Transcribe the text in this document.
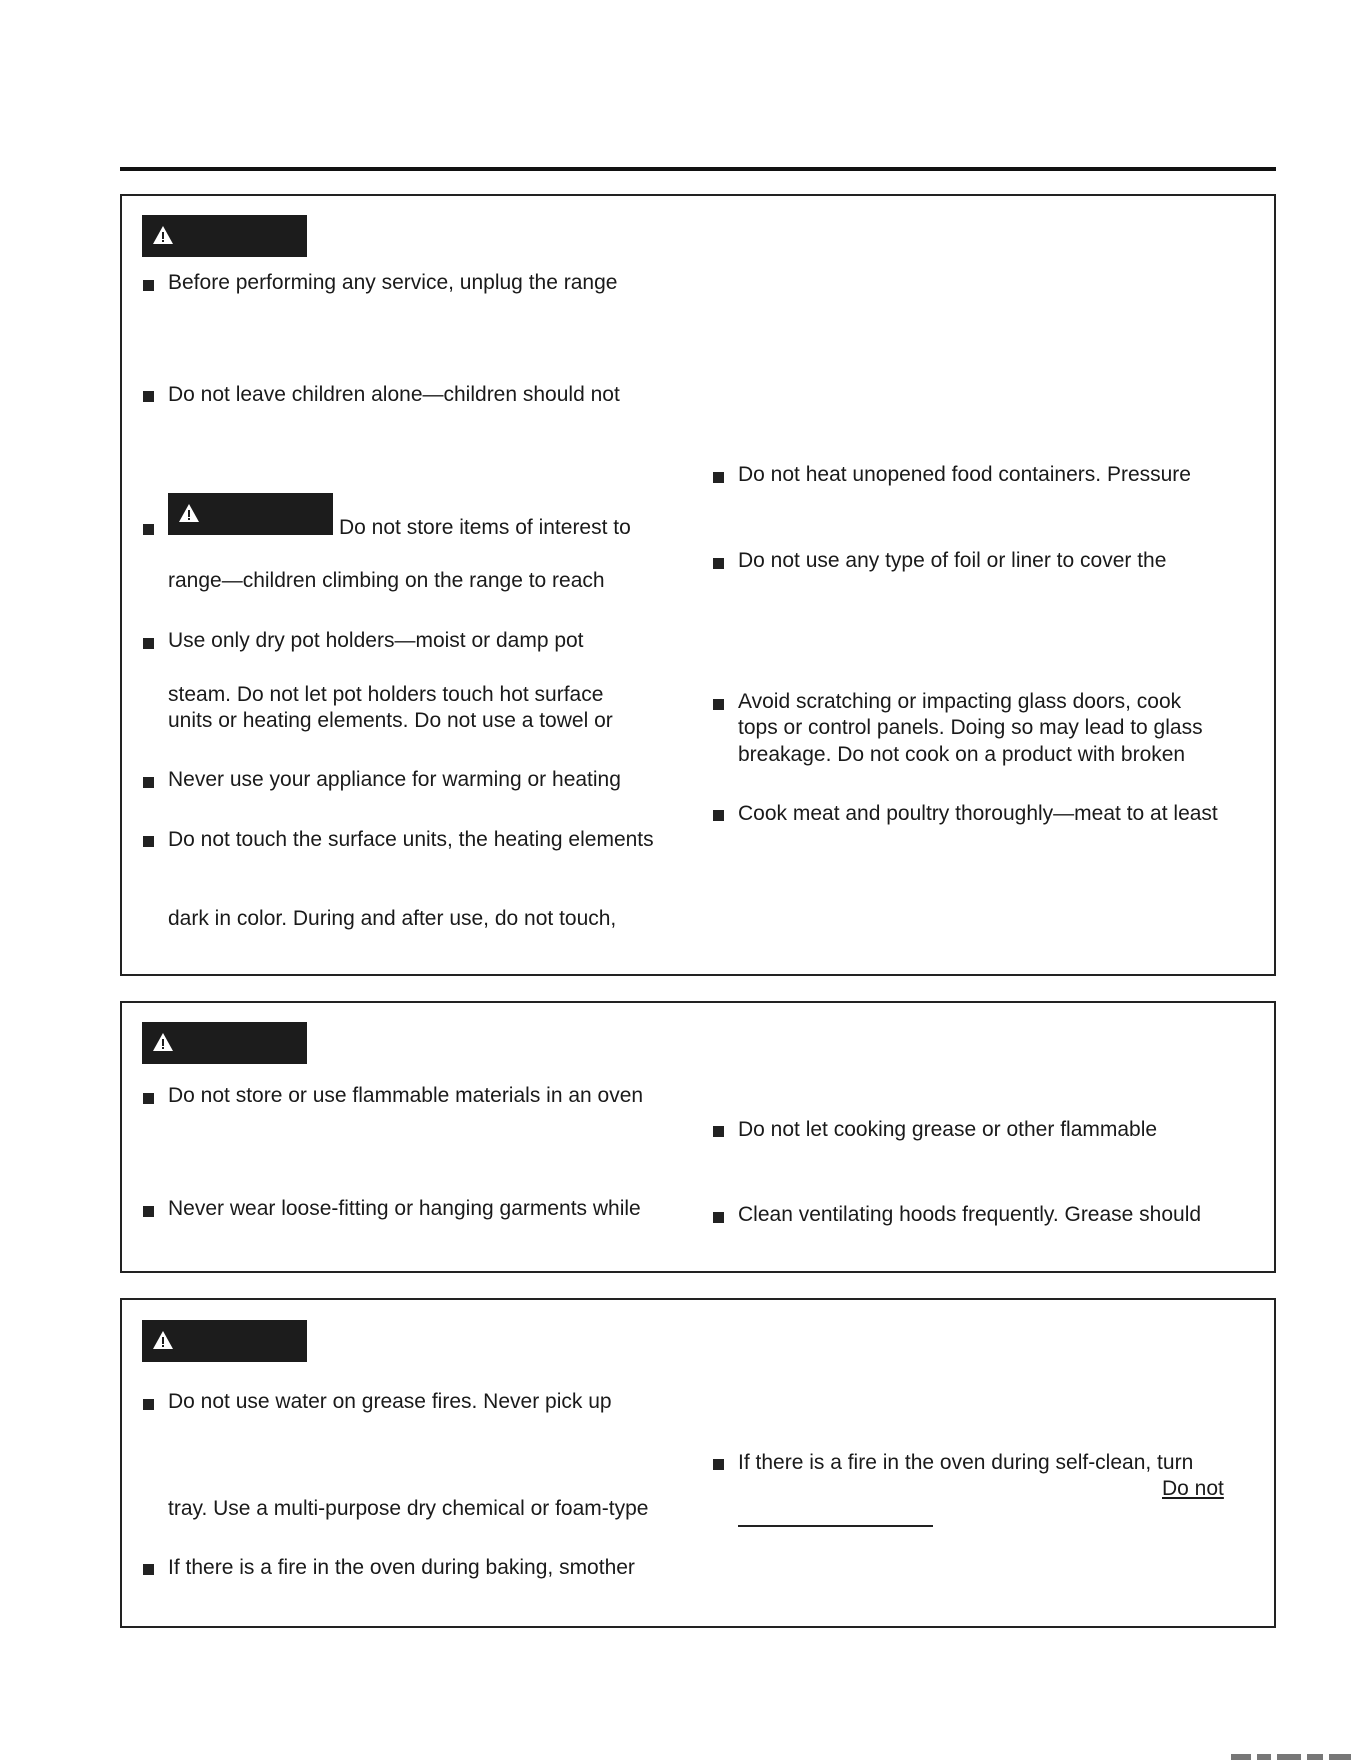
Before performing any service, unplug the range
Do not leave children alone—children should not
Do not store items of interest to
range—children climbing on the range to reach
Use only dry pot holders—moist or damp pot
steam. Do not let pot holders touch hot surface
units or heating elements. Do not use a towel or
Never use your appliance for warming or heating
Do not touch the surface units, the heating elements
dark in color. During and after use, do not touch,
Do not heat unopened food containers. Pressure
Do not use any type of foil or liner to cover the
Avoid scratching or impacting glass doors, cook
tops or control panels. Doing so may lead to glass
breakage. Do not cook on a product with broken
Cook meat and poultry thoroughly—meat to at least
Do not store or use flammable materials in an oven
Never wear loose-fitting or hanging garments while
Do not let cooking grease or other flammable
Clean ventilating hoods frequently. Grease should
Do not use water on grease fires. Never pick up
tray. Use a multi-purpose dry chemical or foam-type
If there is a fire in the oven during baking, smother
If there is a fire in the oven during self-clean, turn
Do not
